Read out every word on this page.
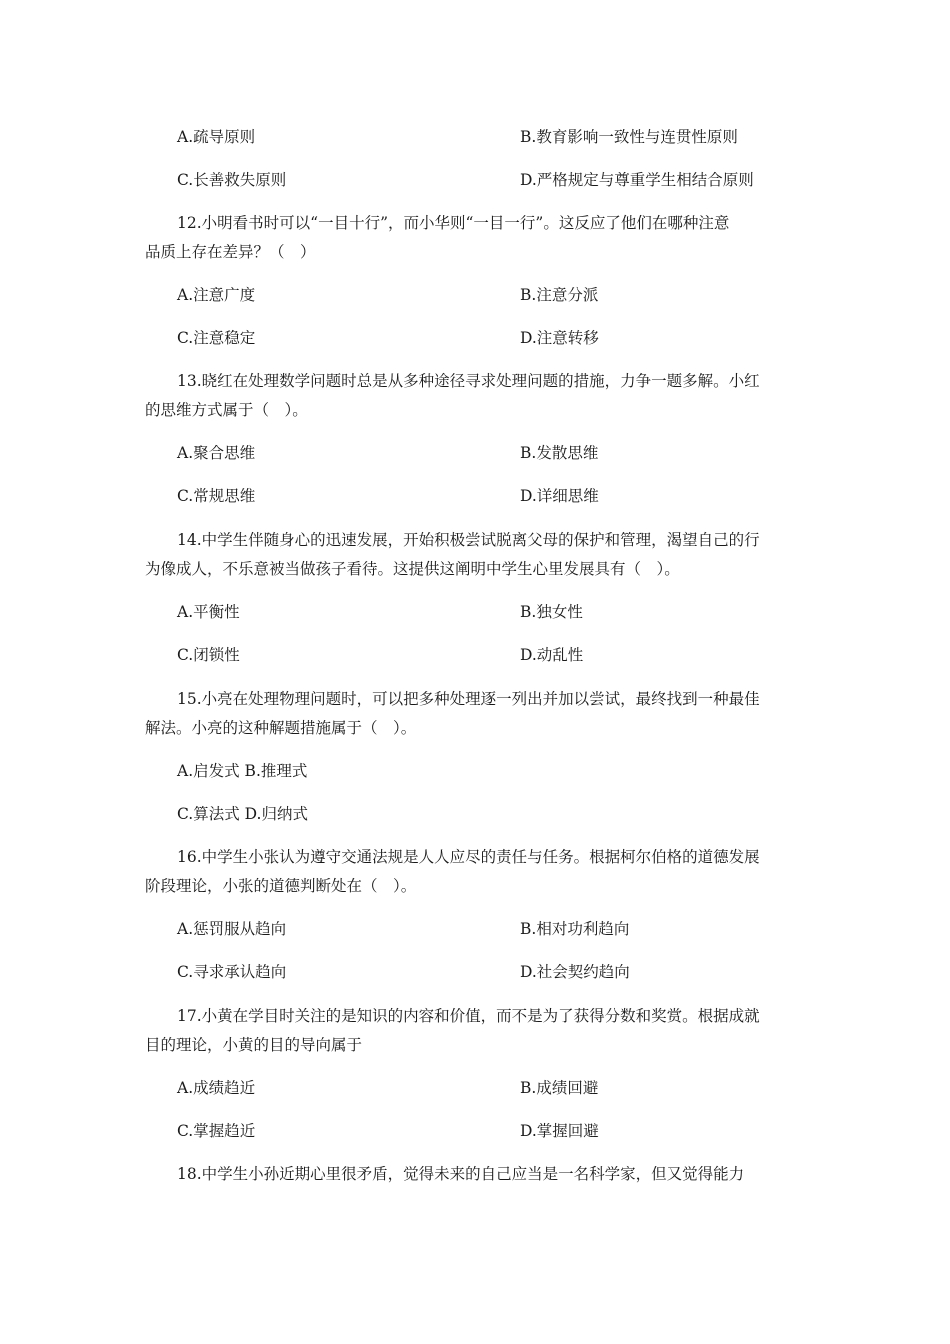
A.疏导原则	B.教育影响一致性与连贯性原则
C.长善救失原则	D.严格规定与尊重学生相结合原则
12.小明看书时可以“一目十行”，而小华则“一目一行”。这反应了他们在哪种注意
品质上存在差异？（　）
A.注意广度	B.注意分派
C.注意稳定	D.注意转移
13.晓红在处理数学问题时总是从多种途径寻求处理问题的措施，力争一题多解。小红
的思维方式属于（　）。
A.聚合思维	B.发散思维
C.常规思维	D.详细思维
14.中学生伴随身心的迅速发展，开始积极尝试脱离父母的保护和管理，渴望自己的行
为像成人，不乐意被当做孩子看待。这提供这阐明中学生心里发展具有（　）。
A.平衡性	B.独女性
C.闭锁性	D.动乱性
15.小亮在处理物理问题时，可以把多种处理逐一列出并加以尝试，最终找到一种最佳
解法。小亮的这种解题措施属于（　）。
A.启发式 B.推理式
C.算法式 D.归纳式
16.中学生小张认为遵守交通法规是人人应尽的责任与任务。根据柯尔伯格的道德发展
阶段理论，小张的道德判断处在（　）。
A.惩罚服从趋向	B.相对功利趋向
C.寻求承认趋向	D.社会契约趋向
17.小黄在学目时关注的是知识的内容和价值，而不是为了获得分数和奖赏。根据成就
目的理论，小黄的目的导向属于
A.成绩趋近	B.成绩回避
C.掌握趋近	D.掌握回避
18.中学生小孙近期心里很矛盾，觉得未来的自己应当是一名科学家，但又觉得能力
